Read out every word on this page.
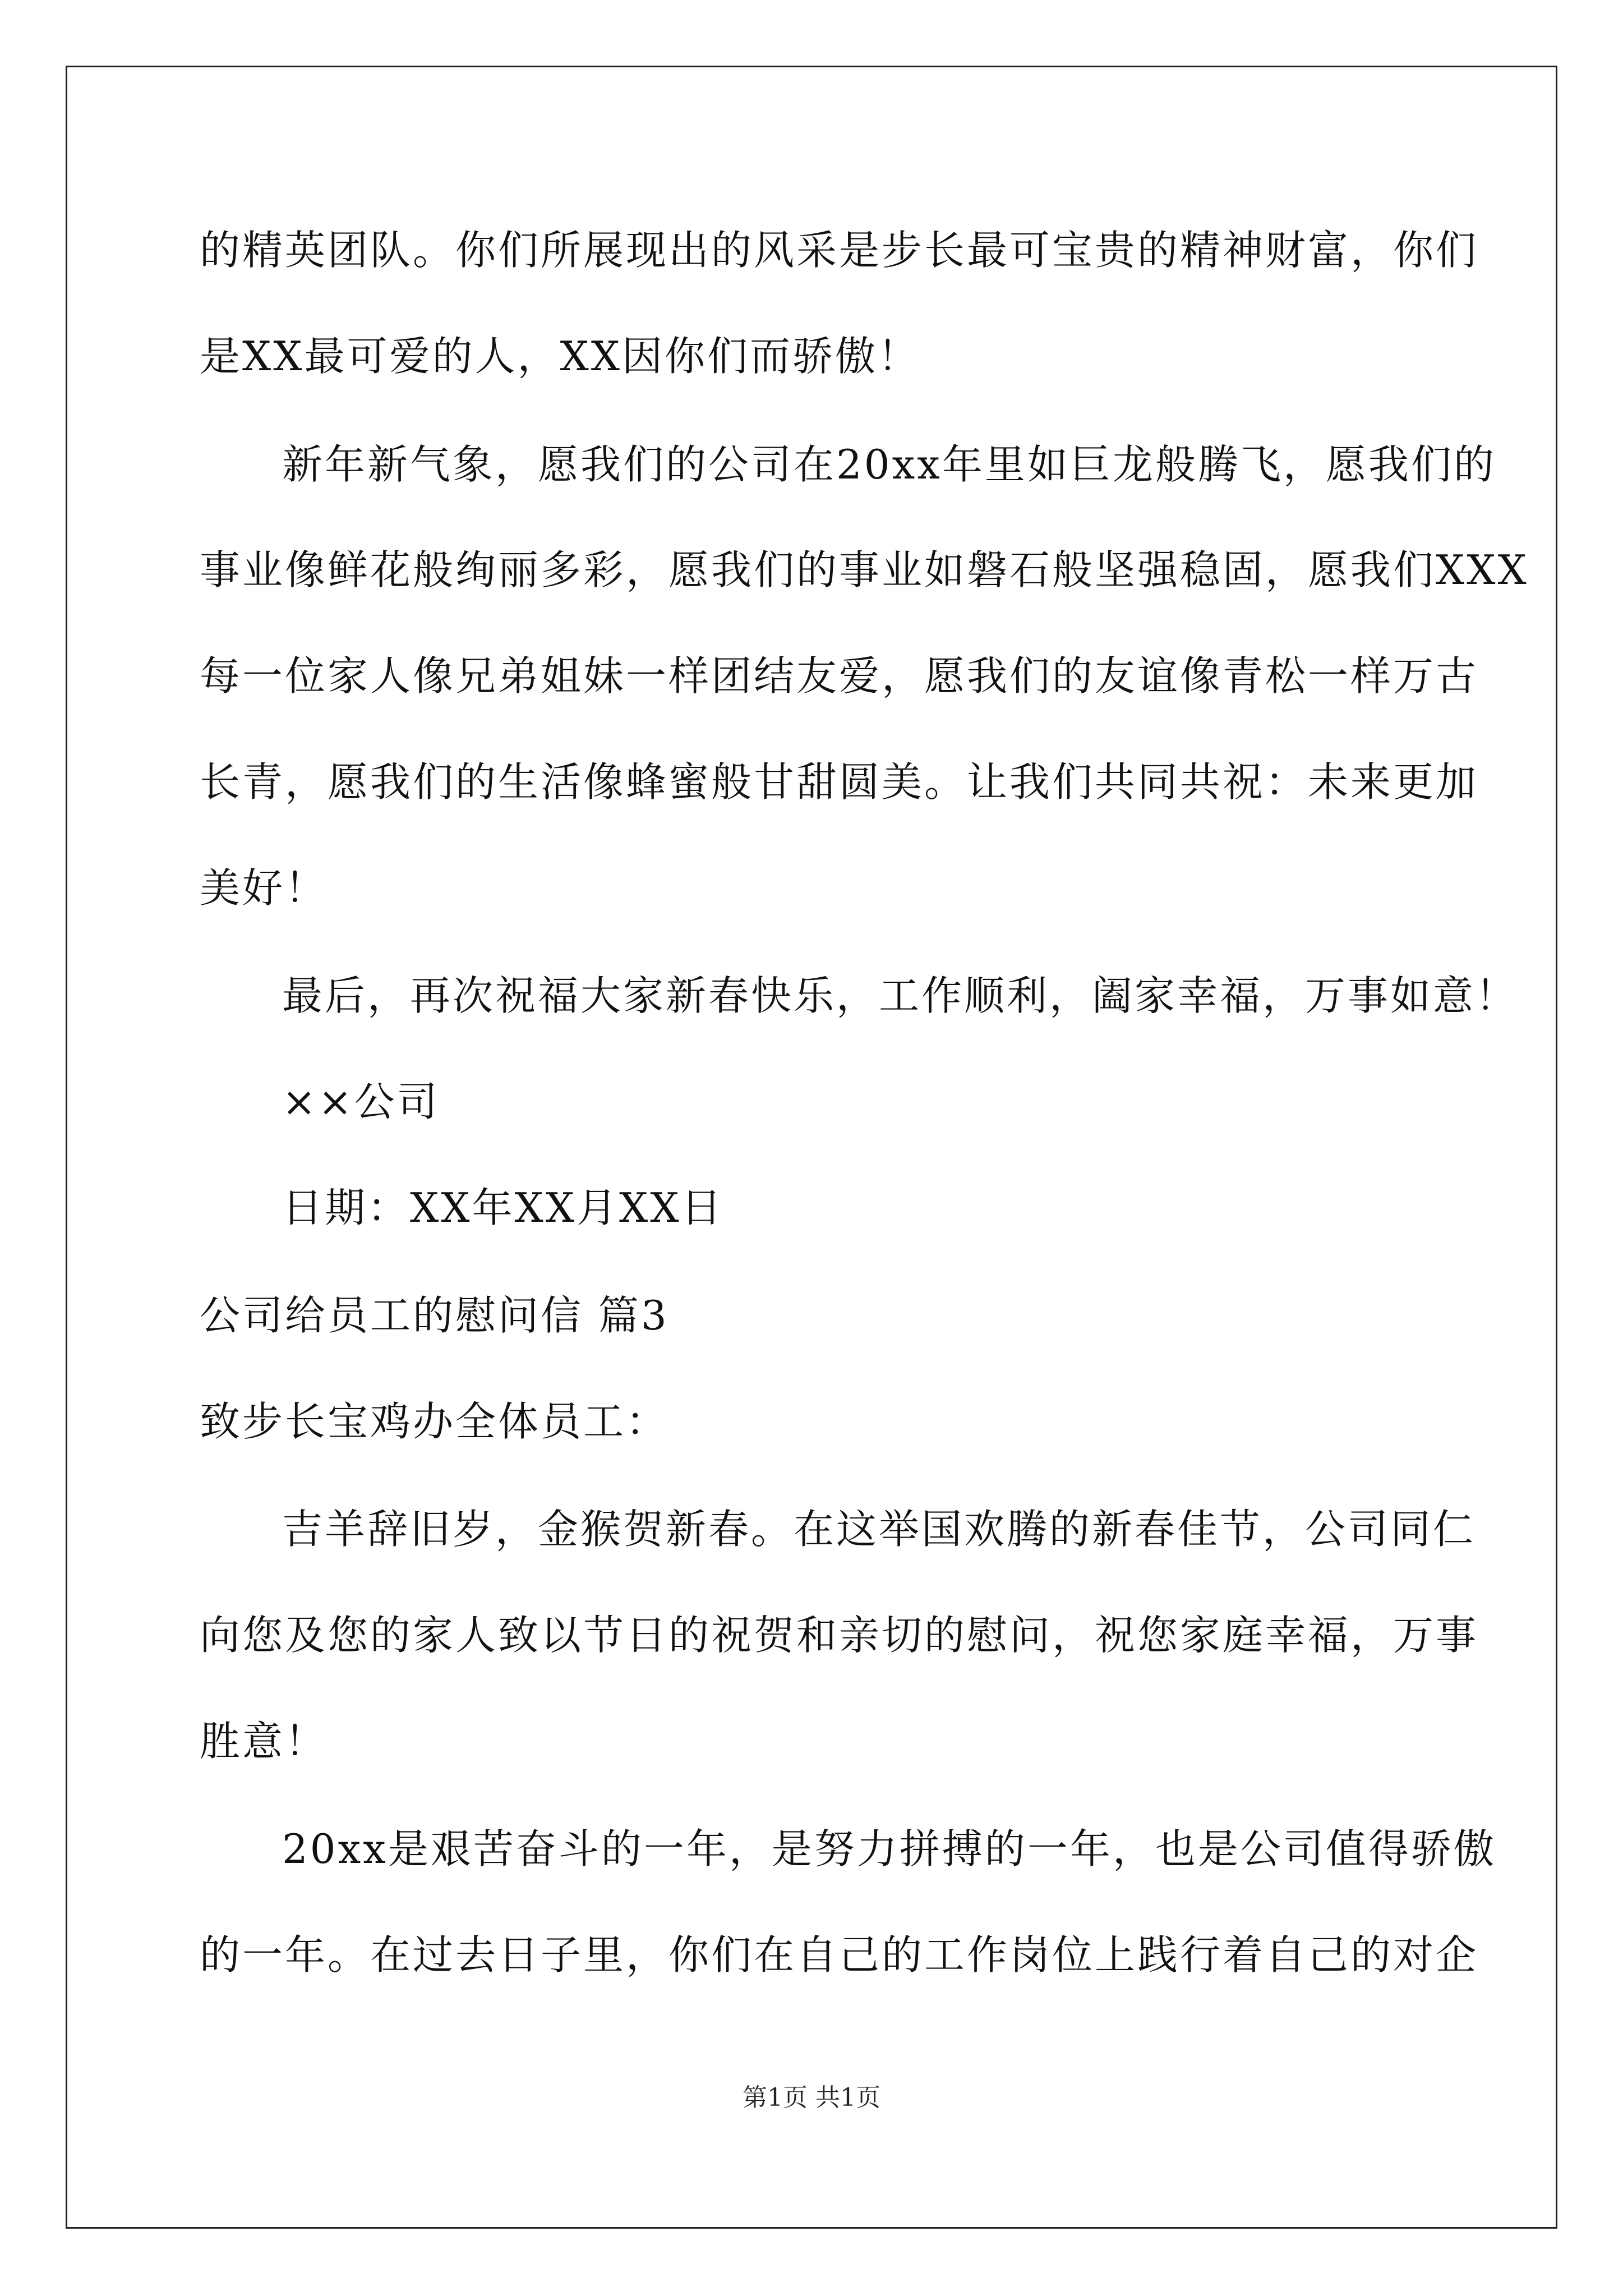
的精英团队。你们所展现出的风采是步长最可宝贵的精神财富，你们
是XX最可爱的人，XX因你们而骄傲！
新年新气象，愿我们的公司在20xx年里如巨龙般腾飞，愿我们的
事业像鲜花般绚丽多彩，愿我们的事业如磐石般坚强稳固，愿我们XXX
每一位家人像兄弟姐妹一样团结友爱，愿我们的友谊像青松一样万古
长青，愿我们的生活像蜂蜜般甘甜圆美。让我们共同共祝：未来更加
美好！
最后，再次祝福大家新春快乐，工作顺利，阖家幸福，万事如意！
××公司
日期：XX年XX月XX日
公司给员工的慰问信 篇3
致步长宝鸡办全体员工：
吉羊辞旧岁，金猴贺新春。在这举国欢腾的新春佳节，公司同仁
向您及您的家人致以节日的祝贺和亲切的慰问，祝您家庭幸福，万事
胜意！
20xx是艰苦奋斗的一年，是努力拼搏的一年，也是公司值得骄傲
的一年。在过去日子里，你们在自己的工作岗位上践行着自己的对企
第1页 共1页
